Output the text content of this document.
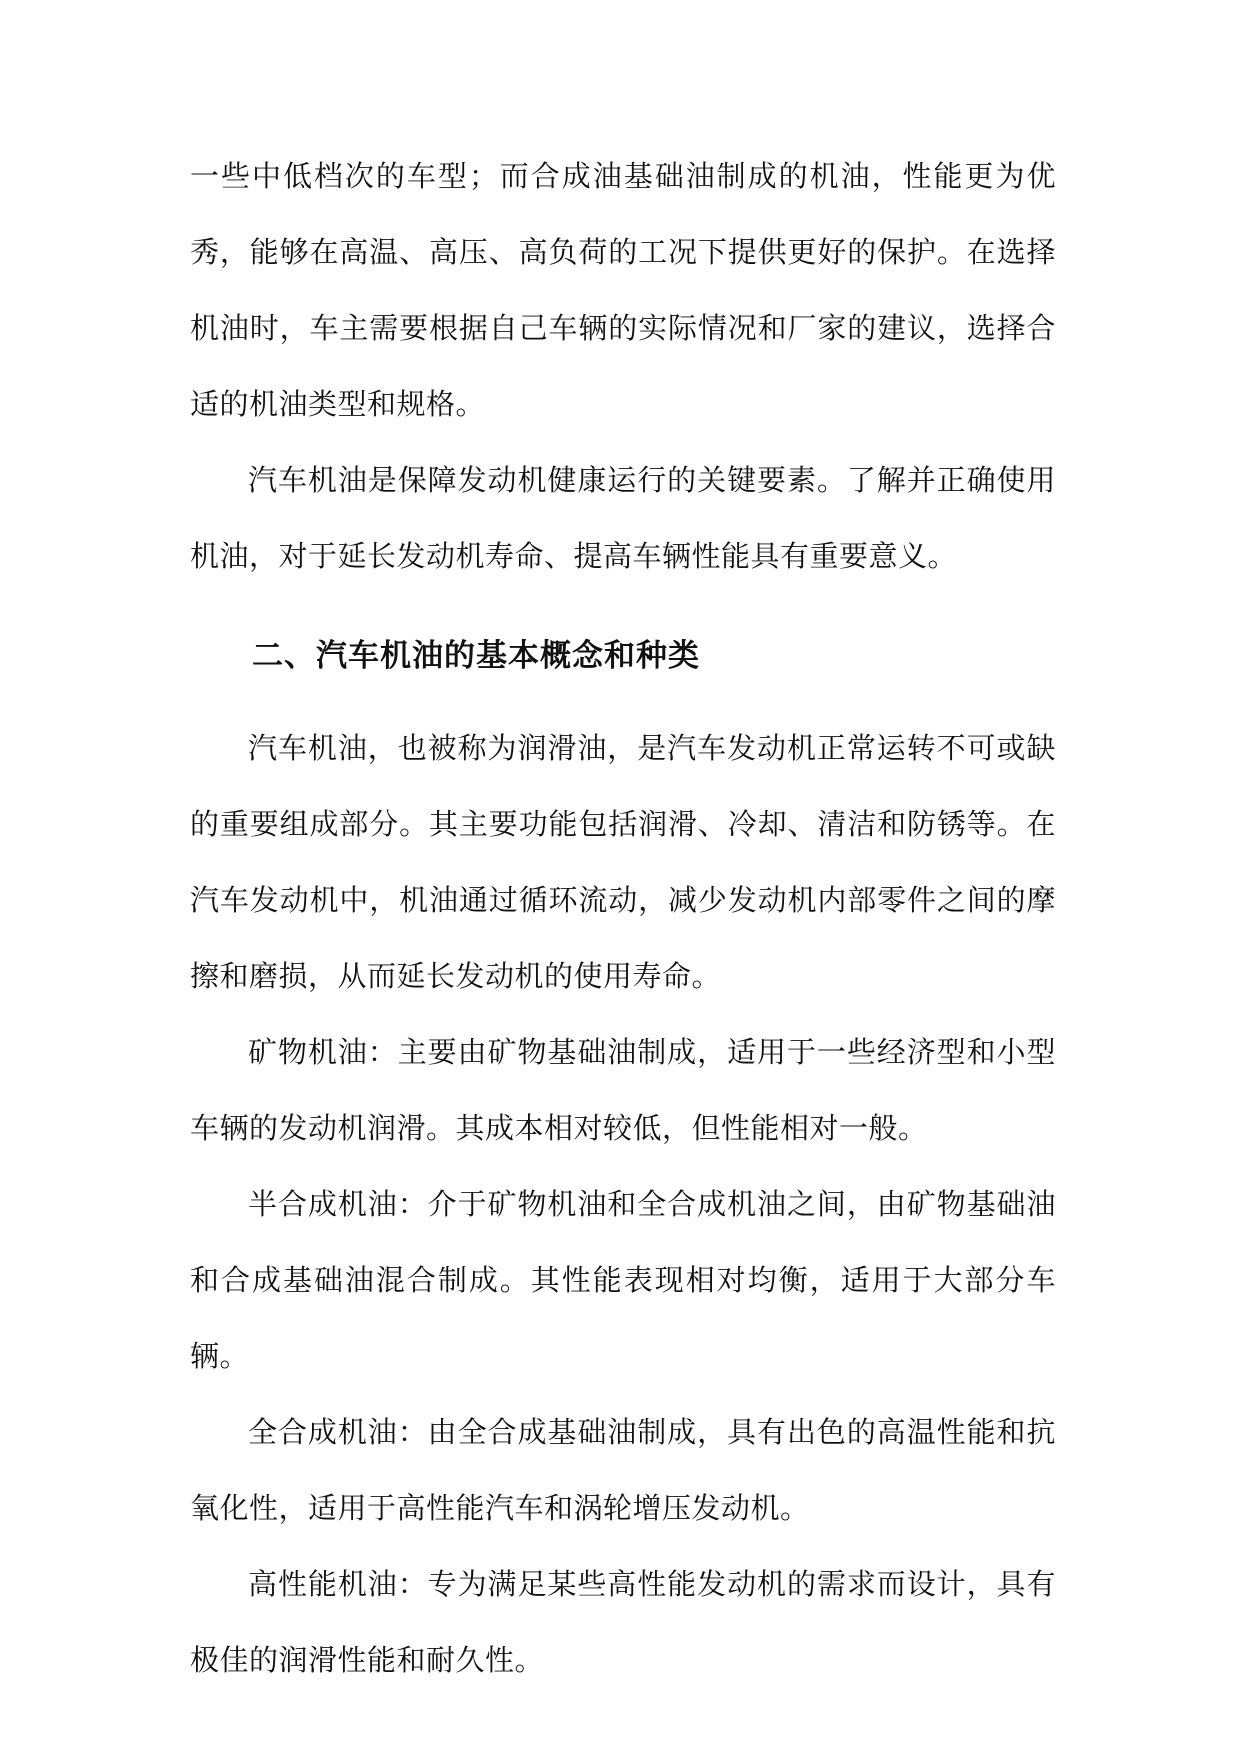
一些中低档次的车型；而合成油基础油制成的机油，性能更为优秀，能够在高温、高压、高负荷的工况下提供更好的保护。在选择机油时，车主需要根据自己车辆的实际情况和厂家的建议，选择合适的机油类型和规格。

汽车机油是保障发动机健康运行的关键要素。了解并正确使用机油，对于延长发动机寿命、提高车辆性能具有重要意义。

二、汽车机油的基本概念和种类

汽车机油，也被称为润滑油，是汽车发动机正常运转不可或缺的重要组成部分。其主要功能包括润滑、冷却、清洁和防锈等。在汽车发动机中，机油通过循环流动，减少发动机内部零件之间的摩擦和磨损，从而延长发动机的使用寿命。

矿物机油：主要由矿物基础油制成，适用于一些经济型和小型车辆的发动机润滑。其成本相对较低，但性能相对一般。

半合成机油：介于矿物机油和全合成机油之间，由矿物基础油和合成基础油混合制成。其性能表现相对均衡，适用于大部分车辆。

全合成机油：由全合成基础油制成，具有出色的高温性能和抗氧化性，适用于高性能汽车和涡轮增压发动机。

高性能机油：专为满足某些高性能发动机的需求而设计，具有极佳的润滑性能和耐久性。
